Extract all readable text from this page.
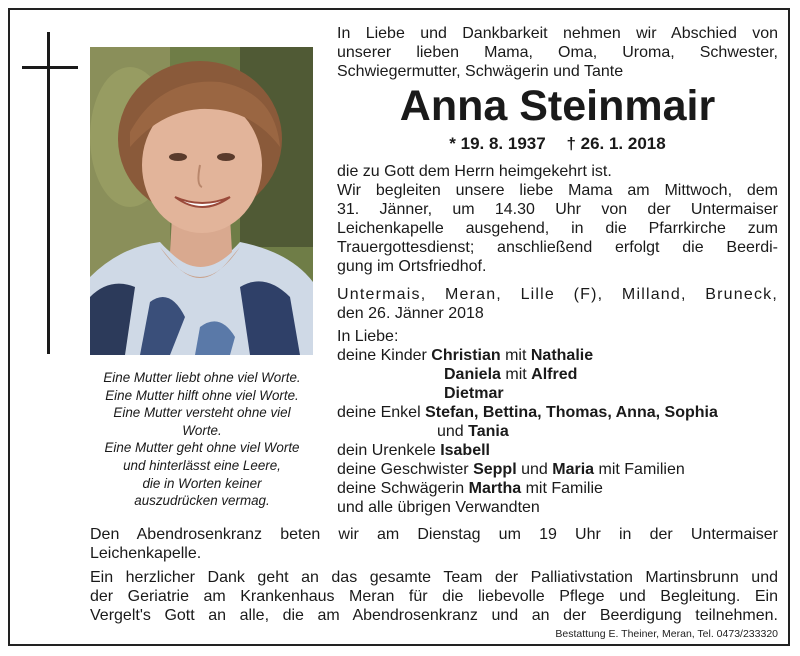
Eine Mutter liebt ohne viel Worte.
Eine Mutter hilft ohne viel Worte.
Eine Mutter versteht ohne viel
Worte.
Eine Mutter geht ohne viel Worte
und hinterlässt eine Leere,
die in Worten keiner
auszudrücken vermag.
In Liebe und Dankbarkeit nehmen wir Abschied von
unserer lieben Mama, Oma, Uroma, Schwester,
Schwiegermutter, Schwägerin und Tante
Anna Steinmair
* 19. 8. 1937 † 26. 1. 2018
die zu Gott dem Herrn heimgekehrt ist.
Wir begleiten unsere liebe Mama am Mittwoch, dem
31. Jänner, um 14.30 Uhr von der Untermaiser
Leichenkapelle ausgehend, in die Pfarrkirche zum
Trauergottesdienst; anschließend erfolgt die Beerdi-
gung im Ortsfriedhof.
Untermais, Meran, Lille (F), Milland, Bruneck,
den 26. Jänner 2018
In Liebe:
deine Kinder Christian mit Nathalie
Daniela mit Alfred
Dietmar
deine Enkel Stefan, Bettina, Thomas, Anna, Sophia
und Tania
dein Urenkele Isabell
deine Geschwister Seppl und Maria mit Familien
deine Schwägerin Martha mit Familie
und alle übrigen Verwandten
Den Abendrosenkranz beten wir am Dienstag um 19 Uhr in der Untermaiser
Leichenkapelle.
Ein herzlicher Dank geht an das gesamte Team der Palliativstation Martinsbrunn und
der Geriatrie am Krankenhaus Meran für die liebevolle Pflege und Begleitung. Ein
Vergelt's Gott an alle, die am Abendrosenkranz und an der Beerdigung teilnehmen.
Bestattung E. Theiner, Meran, Tel. 0473/233320
